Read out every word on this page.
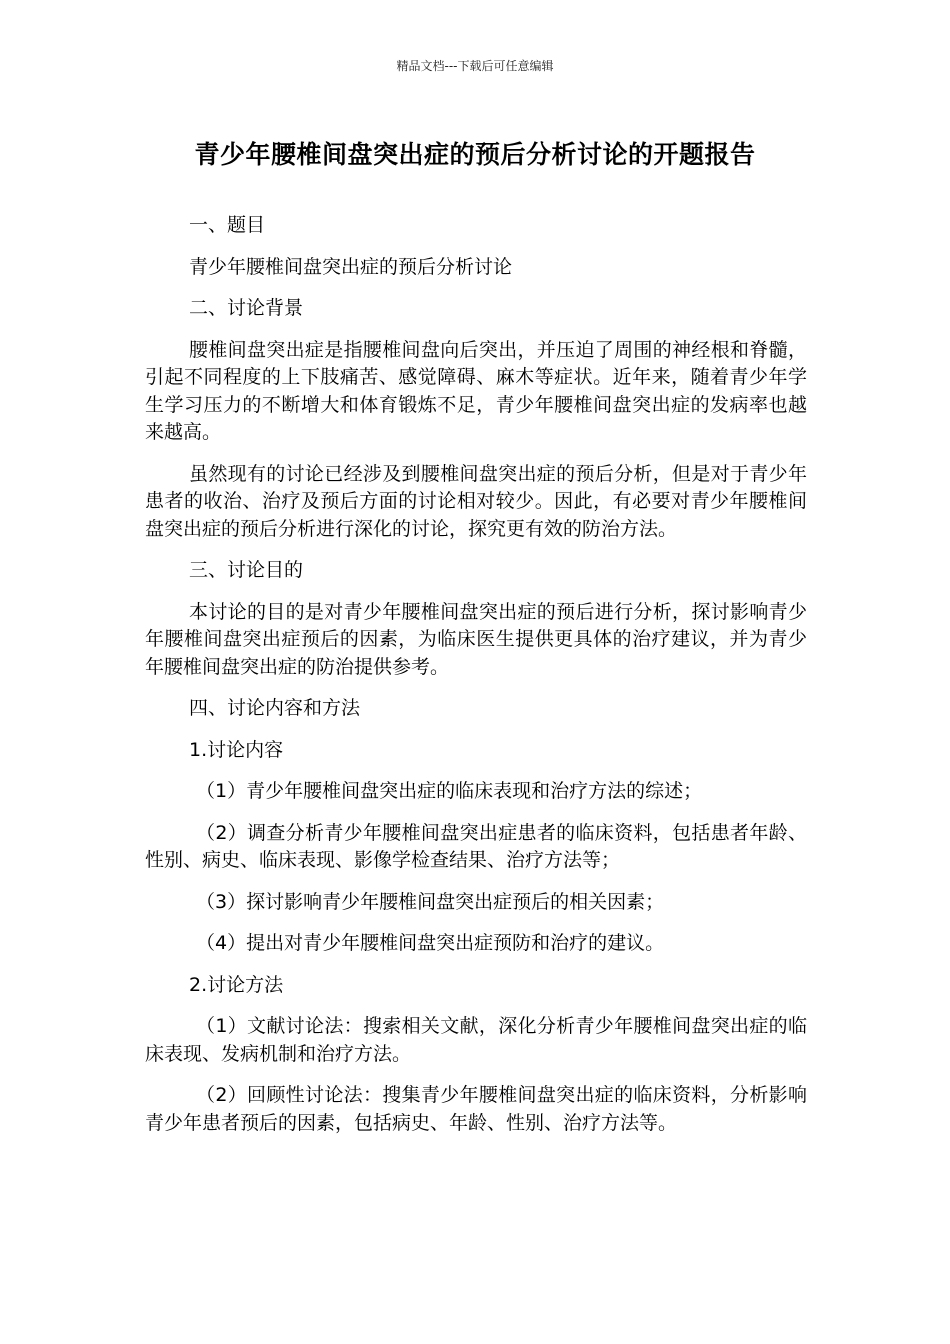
精品文档---下载后可任意编辑
青少年腰椎间盘突出症的预后分析讨论的开题报告

一、题目

青少年腰椎间盘突出症的预后分析讨论

二、讨论背景

腰椎间盘突出症是指腰椎间盘向后突出，并压迫了周围的神经根和脊髓，引起不同程度的上下肢痛苦、感觉障碍、麻木等症状。近年来，随着青少年学生学习压力的不断增大和体育锻炼不足，青少年腰椎间盘突出症的发病率也越来越高。

虽然现有的讨论已经涉及到腰椎间盘突出症的预后分析，但是对于青少年患者的收治、治疗及预后方面的讨论相对较少。因此，有必要对青少年腰椎间盘突出症的预后分析进行深化的讨论，探究更有效的防治方法。

三、讨论目的

本讨论的目的是对青少年腰椎间盘突出症的预后进行分析，探讨影响青少年腰椎间盘突出症预后的因素，为临床医生提供更具体的治疗建议，并为青少年腰椎间盘突出症的防治提供参考。

四、讨论内容和方法

1.讨论内容

（1）青少年腰椎间盘突出症的临床表现和治疗方法的综述；

（2）调查分析青少年腰椎间盘突出症患者的临床资料，包括患者年龄、性别、病史、临床表现、影像学检查结果、治疗方法等；

（3）探讨影响青少年腰椎间盘突出症预后的相关因素；

（4）提出对青少年腰椎间盘突出症预防和治疗的建议。

2.讨论方法

（1）文献讨论法：搜索相关文献，深化分析青少年腰椎间盘突出症的临床表现、发病机制和治疗方法。

（2）回顾性讨论法：搜集青少年腰椎间盘突出症的临床资料，分析影响青少年患者预后的因素，包括病史、年龄、性别、治疗方法等。
